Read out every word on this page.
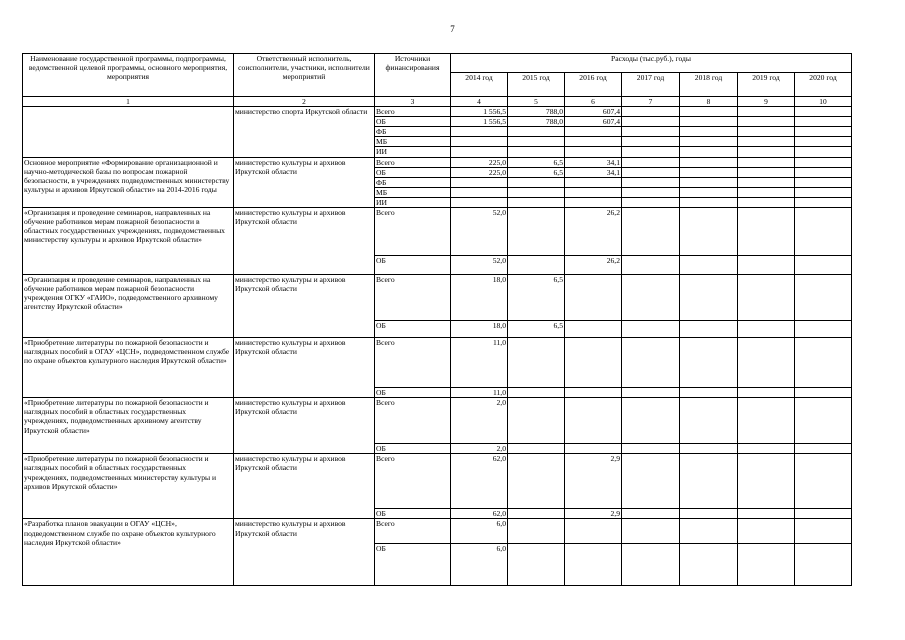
7
Наименование государственной программы, подпрограммы, ведомственной целевой программы, основного мероприятия, мероприятия	Ответственный исполнитель, соисполнители, участники, исполнители мероприятий	Источники финансирования	Расходы (тыс.руб.), годы						
			2014 год	2015 год	2016 год	2017 год	2018 год	2019 год	2020 год
1	2	3	4	5	6	7	8	9	10
	министерство спорта Иркутской области	Всего	1 556,5	788,0	607,4				
		ОБ	1 556,5	788,0	607,4				
		ФБ							
		МБ							
		ИИ							
Основное мероприятие «Формирование организационной и научно-методической базы по вопросам пожарной безопасности, в учреждениях подведомственных министерству культуры и архивов Иркутской области» на 2014-2016 годы	министерство культуры и архивов Иркутской области	Всего	225,0	6,5	34,1				
		ОБ	225,0	6,5	34,1				
		ФБ							
		МБ							
		ИИ							
«Организация и проведение семинаров, направленных на обучение работников мерам пожарной безопасности в областных государственных учреждениях, подведомственных министерству культуры и архивов Иркутской области»	министерство культуры и архивов Иркутской области	Всего	52,0		26,2				
		ОБ	52,0		26,2				
«Организация и проведение семинаров, направленных на обучение работников мерам пожарной безопасности учреждения ОГКУ «ГАИО», подведомственного архивному агентству Иркутской области»	министерство культуры и архивов Иркутской области	Всего	18,0	6,5					
		ОБ	18,0	6,5					
«Приобретение литературы по пожарной безопасности и наглядных пособий в ОГАУ «ЦСН», подведомственном службе по охране объектов культурного наследия Иркутской области»	министерство культуры и архивов Иркутской области	Всего	11,0						
		ОБ	11,0						
«Приобретение литературы по пожарной безопасности и наглядных пособий в областных государственных учреждениях, подведомственных архивному агентству Иркутской области»	министерство культуры и архивов Иркутской области	Всего	2,0						
		ОБ	2,0						
«Приобретение литературы по пожарной безопасности и наглядных пособий в областных государственных учреждениях, подведомственных министерству культуры и архивов Иркутской области»	министерство культуры и архивов Иркутской области	Всего	62,0		2,9				
		ОБ	62,0		2,9				
«Разработка планов эвакуации в ОГАУ «ЦСН», подведомственном службе по охране объектов культурного наследия Иркутской области»	министерство культуры и архивов Иркутской области	Всего	6,0						
		ОБ	6,0						
